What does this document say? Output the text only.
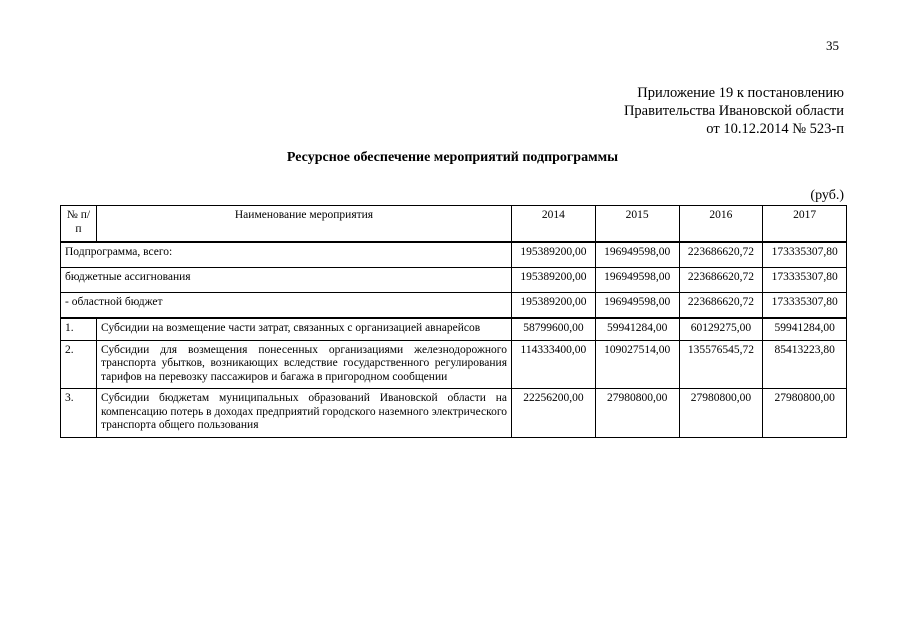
35
Приложение 19 к постановлению
Правительства Ивановской области
от 10.12.2014 № 523-п
Ресурсное обеспечение мероприятий подпрограммы
(руб.)
№ п/п	Наименование мероприятия	2014	2015	2016	2017
Подпрограмма, всего:		195389200,00	196949598,00	223686620,72	173335307,80
бюджетные ассигнования		195389200,00	196949598,00	223686620,72	173335307,80
- областной бюджет		195389200,00	196949598,00	223686620,72	173335307,80
1.	Субсидии на возмещение части затрат, связанных с организацией авнарейсов	58799600,00	59941284,00	60129275,00	59941284,00
2.	Субсидии для возмещения понесенных организациями железнодорожного транспорта убытков, возникающих вследствие государственного регулирования тарифов на перевозку пассажиров и багажа в пригородном сообщении	114333400,00	109027514,00	135576545,72	85413223,80
3.	Субсидии бюджетам муниципальных образований Ивановской области на компенсацию потерь в доходах предприятий городского наземного электрического транспорта общего пользования	22256200,00	27980800,00	27980800,00	27980800,00
